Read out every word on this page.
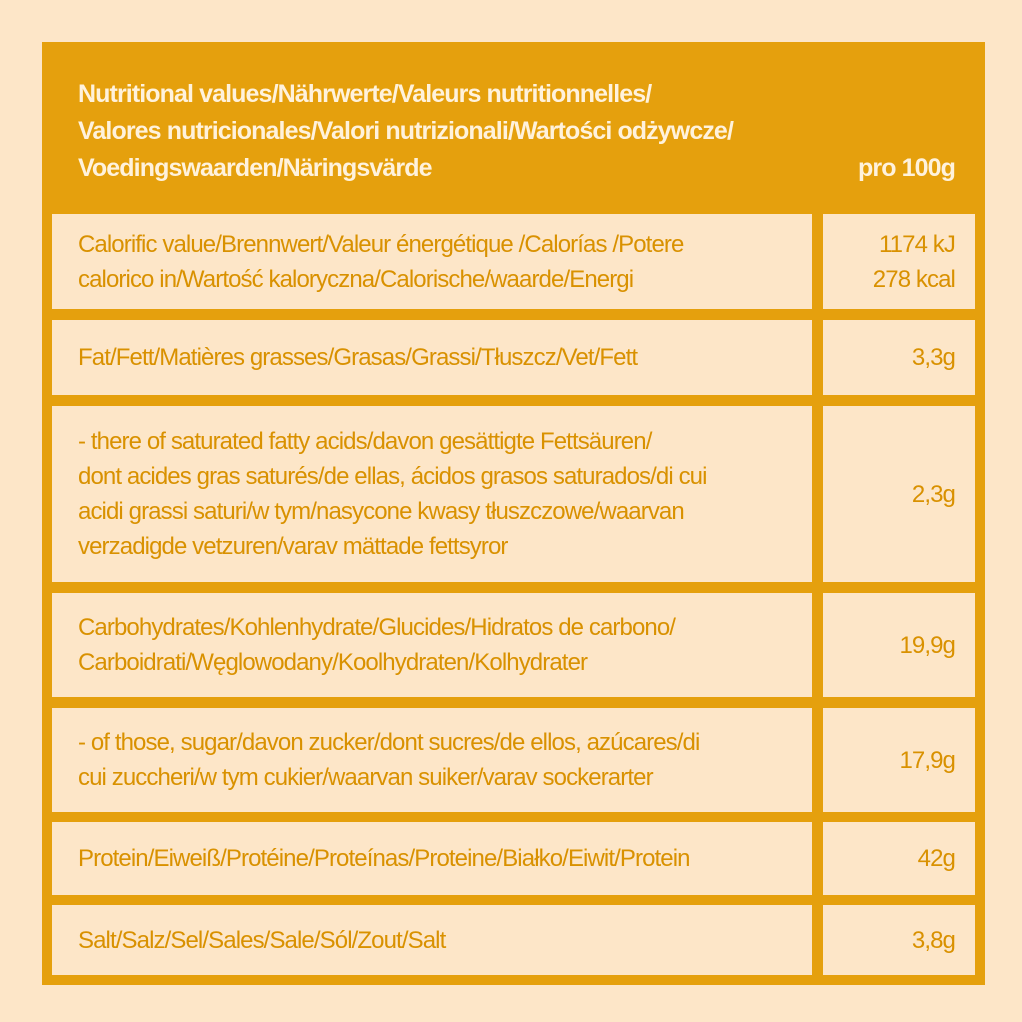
Nutritional values/Nährwerte/Valeurs nutritionnelles/
Valores nutricionales/Valori nutrizionali/Wartości odżywcze/
Voedingswaarden/Näringsvärde	pro 100g
Calorific value/Brennwert/Valeur énergétique /Calorías /Potere
calorico in/Wartość kaloryczna/Calorische/waarde/Energi
1174 kJ
278 kcal
Fat/Fett/Matières grasses/Grasas/Grassi/Tłuszcz/Vet/Fett	3,3g
- there of saturated fatty acids/davon gesättigte Fettsäuren/
dont acides gras saturés/de ellas, ácidos grasos saturados/di cui
acidi grassi saturi/w tym/nasycone kwasy tłuszczowe/waarvan
verzadigde vetzuren/varav mättade fettsyror
2,3g
Carbohydrates/Kohlenhydrate/Glucides/Hidratos de carbono/
Carboidrati/Węglowodany/Koolhydraten/Kolhydrater
19,9g
- of those, sugar/davon zucker/dont sucres/de ellos, azúcares/di
cui zuccheri/w tym cukier/waarvan suiker/varav sockerarter
17,9g
Protein/Eiweiß/Protéine/Proteínas/Proteine/Białko/Eiwit/Protein	42g
Salt/Salz/Sel/Sales/Sale/Sól/Zout/Salt	3,8g
